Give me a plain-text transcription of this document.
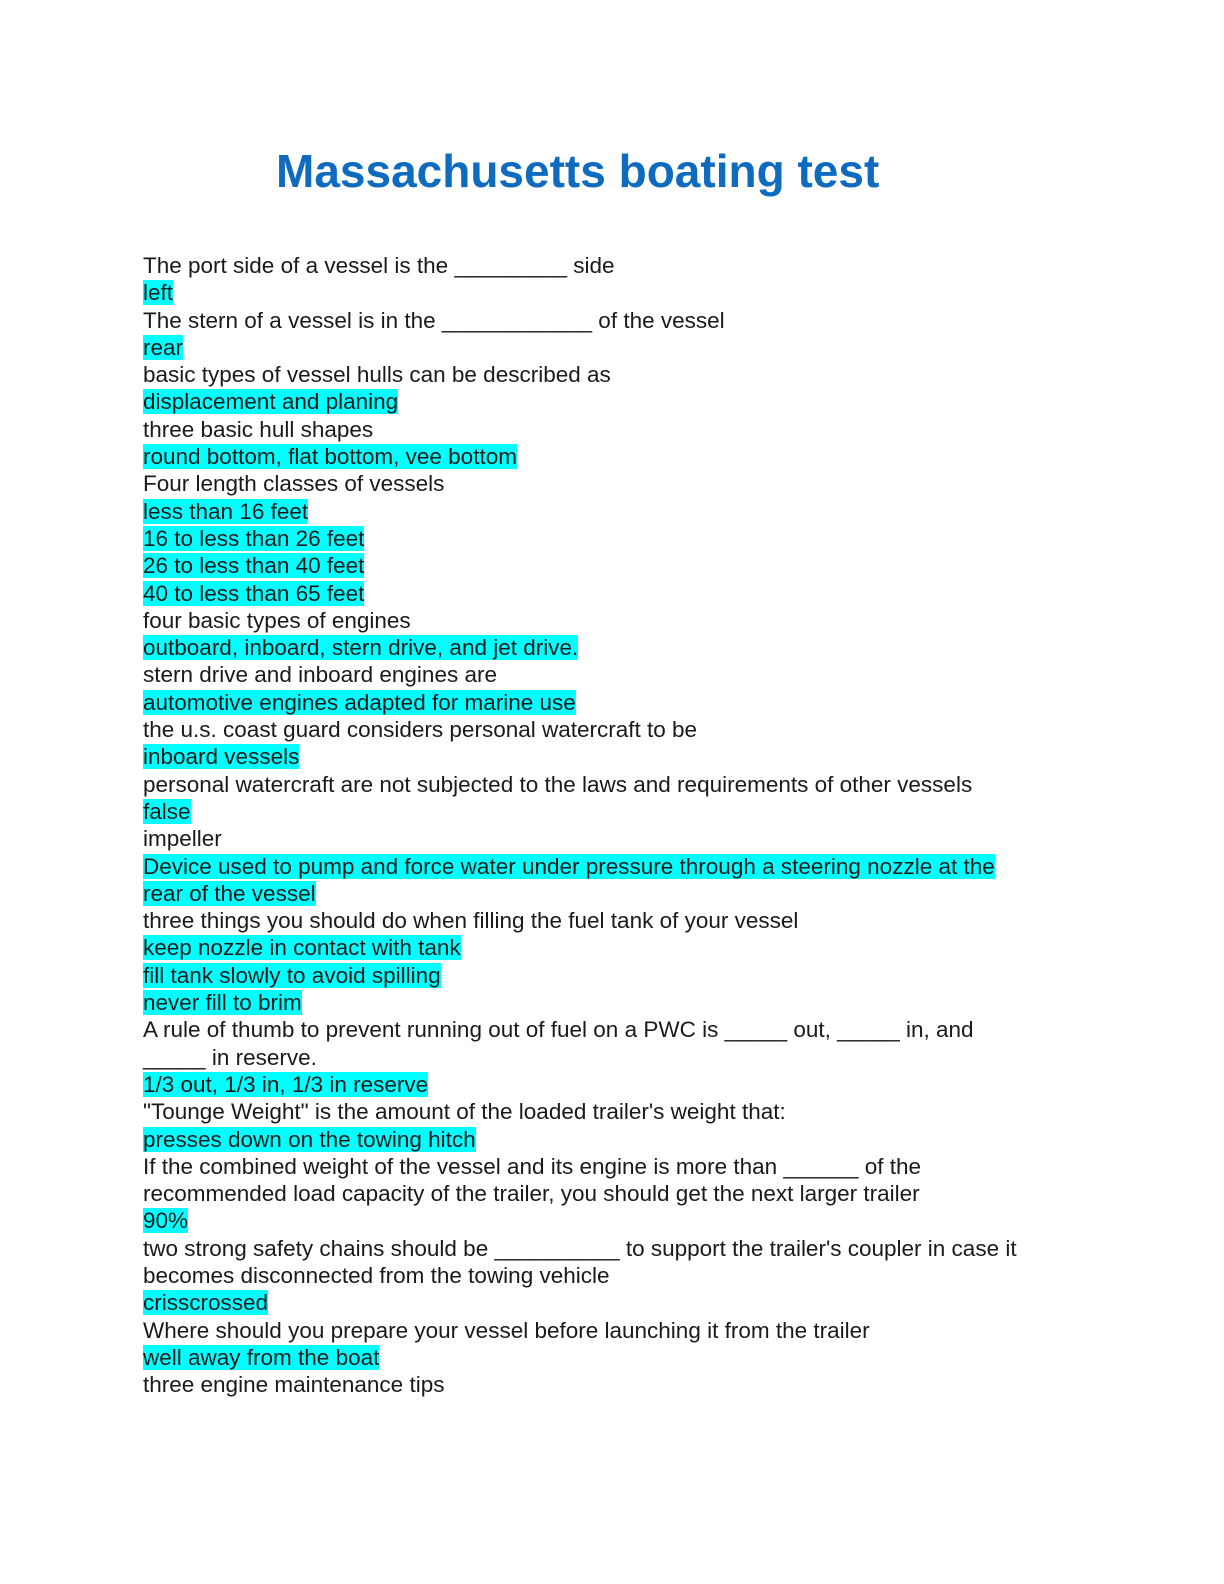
Massachusetts boating test
The port side of a vessel is the _________ side
left
The stern of a vessel is in the ____________ of the vessel
rear
basic types of vessel hulls can be described as
displacement and planing
three basic hull shapes
round bottom, flat bottom, vee bottom
Four length classes of vessels
less than 16 feet
16 to less than 26 feet
26 to less than 40 feet
40 to less than 65 feet
four basic types of engines
outboard, inboard, stern drive, and jet drive.
stern drive and inboard engines are
automotive engines adapted for marine use
the u.s. coast guard considers personal watercraft to be
inboard vessels
personal watercraft are not subjected to the laws and requirements of other vessels
false
impeller
Device used to pump and force water under pressure through a steering nozzle at the
rear of the vessel
three things you should do when filling the fuel tank of your vessel
keep nozzle in contact with tank
fill tank slowly to avoid spilling
never fill to brim
A rule of thumb to prevent running out of fuel on a PWC is _____ out, _____ in, and
_____ in reserve.
1/3 out, 1/3 in, 1/3 in reserve
"Tounge Weight" is the amount of the loaded trailer's weight that:
presses down on the towing hitch
If the combined weight of the vessel and its engine is more than ______ of the
recommended load capacity of the trailer, you should get the next larger trailer
90%
two strong safety chains should be __________ to support the trailer's coupler in case it
becomes disconnected from the towing vehicle
crisscrossed
Where should you prepare your vessel before launching it from the trailer
well away from the boat
three engine maintenance tips
